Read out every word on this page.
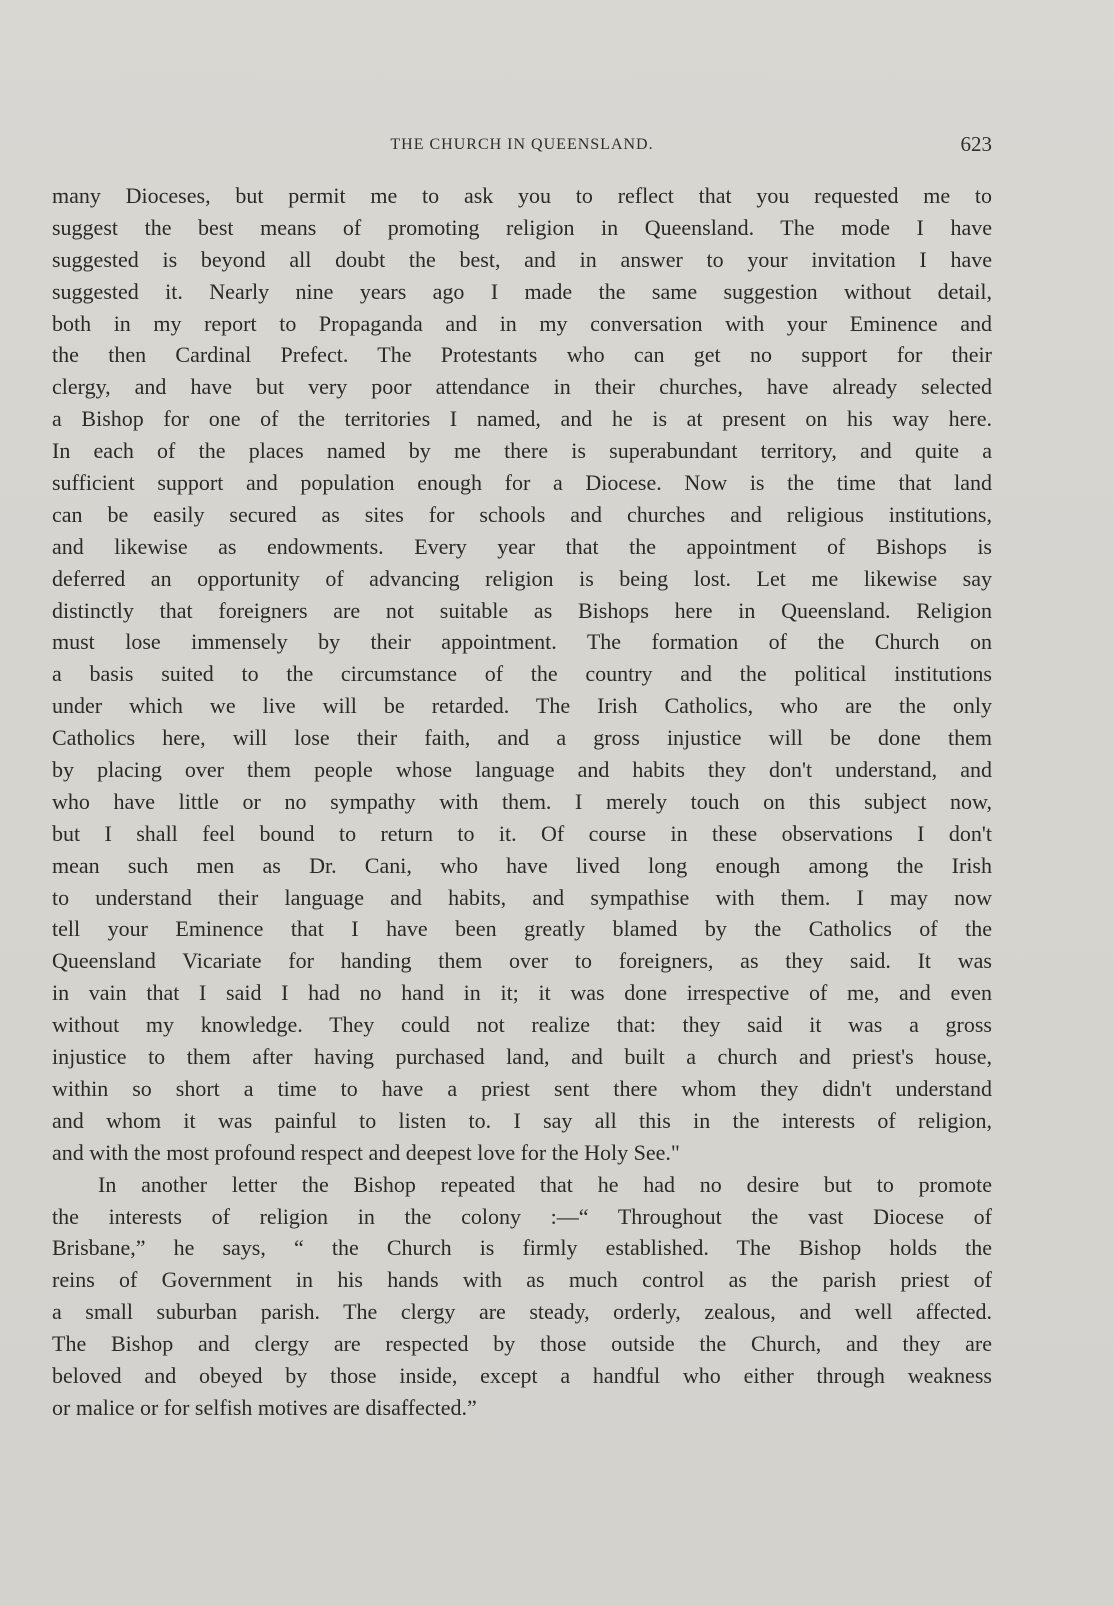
THE CHURCH IN QUEENSLAND.	623
many Dioceses, but permit me to ask you to reflect that you requested me to
suggest the best means of promoting religion in Queensland. The mode I have
suggested is beyond all doubt the best, and in answer to your invitation I have
suggested it. Nearly nine years ago I made the same suggestion without detail,
both in my report to Propaganda and in my conversation with your Eminence and
the then Cardinal Prefect. The Protestants who can get no support for their
clergy, and have but very poor attendance in their churches, have already selected
a Bishop for one of the territories I named, and he is at present on his way here.
In each of the places named by me there is superabundant territory, and quite a
sufficient support and population enough for a Diocese. Now is the time that land
can be easily secured as sites for schools and churches and religious institutions,
and likewise as endowments. Every year that the appointment of Bishops is
deferred an opportunity of advancing religion is being lost. Let me likewise say
distinctly that foreigners are not suitable as Bishops here in Queensland. Religion
must lose immensely by their appointment. The formation of the Church on
a basis suited to the circumstance of the country and the political institutions
under which we live will be retarded. The Irish Catholics, who are the only
Catholics here, will lose their faith, and a gross injustice will be done them
by placing over them people whose language and habits they don't understand, and
who have little or no sympathy with them. I merely touch on this subject now,
but I shall feel bound to return to it. Of course in these observations I don't
mean such men as Dr. Cani, who have lived long enough among the Irish
to understand their language and habits, and sympathise with them. I may now
tell your Eminence that I have been greatly blamed by the Catholics of the
Queensland Vicariate for handing them over to foreigners, as they said. It was
in vain that I said I had no hand in it; it was done irrespective of me, and even
without my knowledge. They could not realize that: they said it was a gross
injustice to them after having purchased land, and built a church and priest's house,
within so short a time to have a priest sent there whom they didn't understand
and whom it was painful to listen to. I say all this in the interests of religion,
and with the most profound respect and deepest love for the Holy See."
In another letter the Bishop repeated that he had no desire but to promote
the interests of religion in the colony :—“ Throughout the vast Diocese of
Brisbane,” he says, “ the Church is firmly established. The Bishop holds the
reins of Government in his hands with as much control as the parish priest of
a small suburban parish. The clergy are steady, orderly, zealous, and well affected.
The Bishop and clergy are respected by those outside the Church, and they are
beloved and obeyed by those inside, except a handful who either through weakness
or malice or for selfish motives are disaffected.”
